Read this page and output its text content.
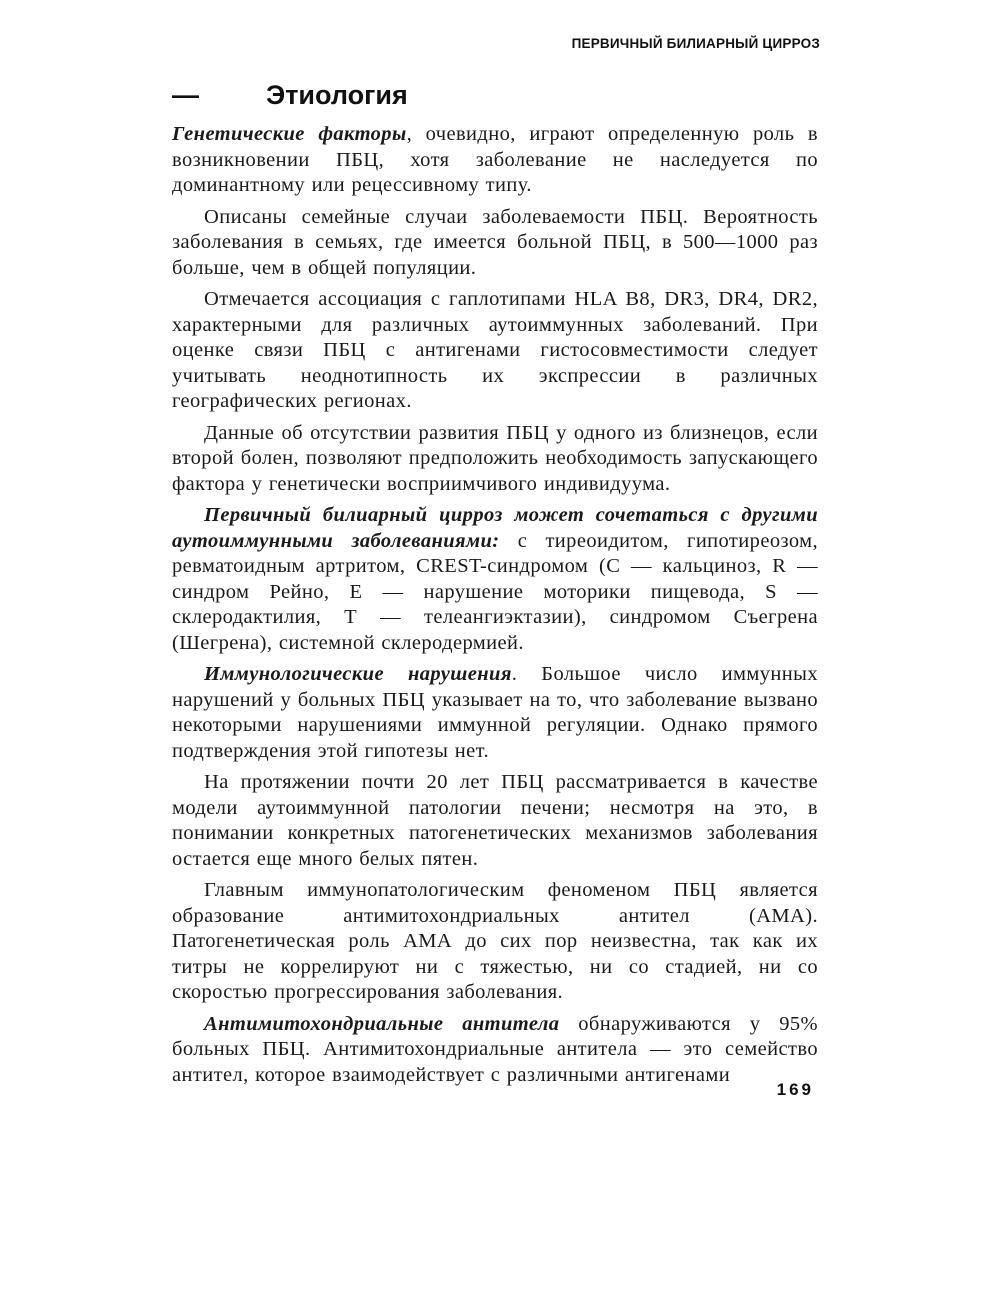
ПЕРВИЧНЫЙ БИЛИАРНЫЙ ЦИРРОЗ
— Этиология

Генетические факторы, очевидно, играют определенную роль в возникновении ПБЦ, хотя заболевание не наследуется по доминантному или рецессивному типу.

Описаны семейные случаи заболеваемости ПБЦ. Вероятность заболевания в семьях, где имеется больной ПБЦ, в 500—1000 раз больше, чем в общей популяции.

Отмечается ассоциация с гаплотипами HLA B8, DR3, DR4, DR2, характерными для различных аутоиммунных заболеваний. При оценке связи ПБЦ с антигенами гистосовместимости следует учитывать неоднотипность их экспрессии в различных географических регионах.

Данные об отсутствии развития ПБЦ у одного из близнецов, если второй болен, позволяют предположить необходимость запускающего фактора у генетически восприимчивого индивидуума.

Первичный билиарный цирроз может сочетаться с другими аутоиммунными заболеваниями: с тиреоидитом, гипотиреозом, ревматоидным артритом, CREST-синдромом (С — кальциноз, R — синдром Рейно, Е — нарушение моторики пищевода, S — склеродактилия, Т — телеангиэктазии), синдромом Съегрена (Шегрена), системной склеродермией.

Иммунологические нарушения. Большое число иммунных нарушений у больных ПБЦ указывает на то, что заболевание вызвано некоторыми нарушениями иммунной регуляции. Однако прямого подтверждения этой гипотезы нет.

На протяжении почти 20 лет ПБЦ рассматривается в качестве модели аутоиммунной патологии печени; несмотря на это, в понимании конкретных патогенетических механизмов заболевания остается еще много белых пятен.

Главным иммунопатологическим феноменом ПБЦ является образование антимитохондриальных антител (АМА). Патогенетическая роль АМА до сих пор неизвестна, так как их титры не коррелируют ни с тяжестью, ни со стадией, ни со скоростью прогрессирования заболевания.

Антимитохондриальные антитела обнаруживаются у 95% больных ПБЦ. Антимитохондриальные антитела — это семейство антител, которое взаимодействует с различными антигенами

169
